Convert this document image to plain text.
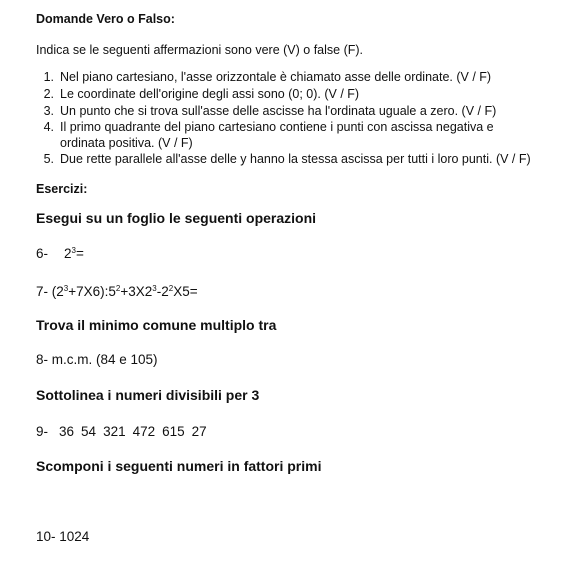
Domande Vero o Falso:
Indica se le seguenti affermazioni sono vere (V) o false (F).
1. Nel piano cartesiano, l'asse orizzontale è chiamato asse delle ordinate. (V / F)
2. Le coordinate dell'origine degli assi sono (0; 0). (V / F)
3. Un punto che si trova sull'asse delle ascisse ha l'ordinata uguale a zero. (V / F)
4. Il primo quadrante del piano cartesiano contiene i punti con ascissa negativa e
ordinata positiva. (V / F)
5. Due rette parallele all'asse delle y hanno la stessa ascissa per tutti i loro punti. (V / F)
Esercizi:
Esegui su un foglio le seguenti operazioni
6- $2^3=$
7- $(2^3+7X6):5^2+3X2^3-2^2X5=$
Trova il minimo comune multiplo tra
8- m.c.m. (84 e 105)
Sottolinea i numeri divisibili per 3
9- 36 54 321 472 615 27
Scomponi i seguenti numeri in fattori primi
10- 1024
